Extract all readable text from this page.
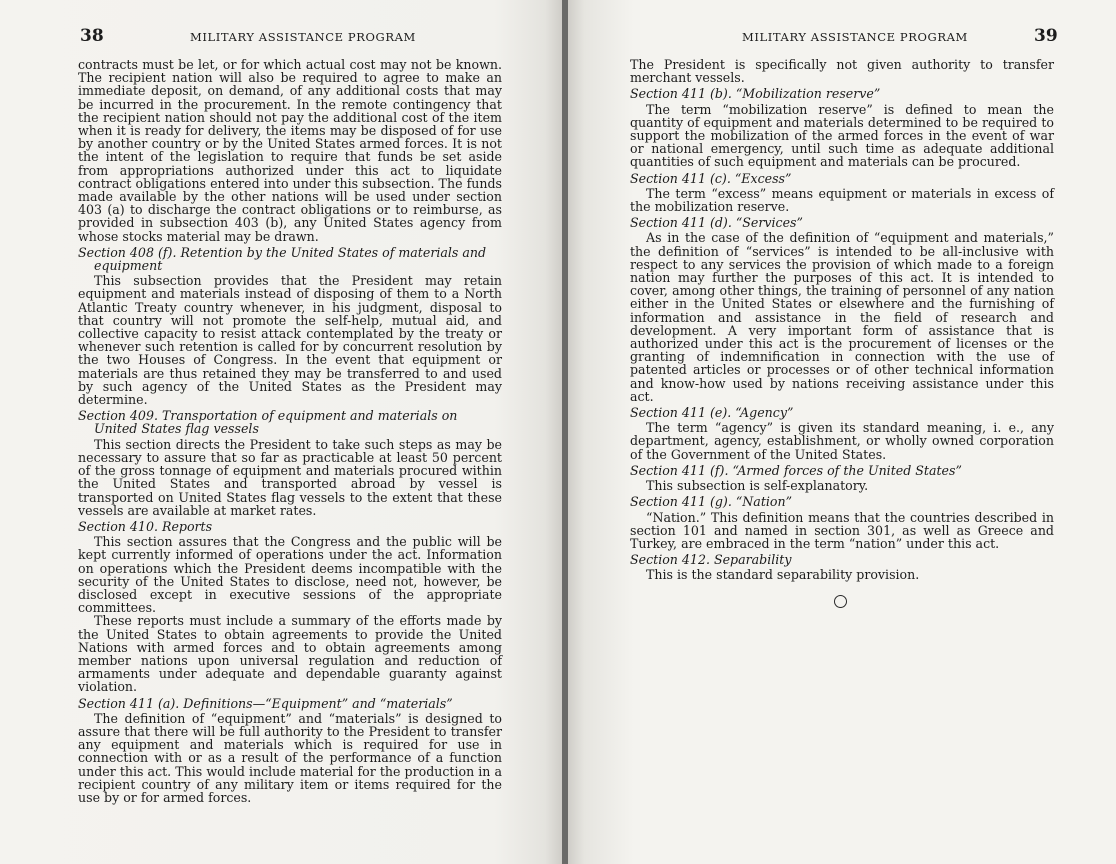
38	MILITARY ASSISTANCE PROGRAM

contracts must be let, or for which actual cost may not be known. The recipient nation will also be required to agree to make an immediate deposit, on demand, of any additional costs that may be incurred in the procurement. In the remote contingency that the recipient nation should not pay the additional cost of the item when it is ready for delivery, the items may be disposed of for use by another country or by the United States armed forces. It is not the intent of the legislation to require that funds be set aside from appropriations authorized under this act to liquidate contract obligations entered into under this subsection. The funds made available by the other nations will be used under section 403 (a) to discharge the contract obligations or to reimburse, as provided in subsection 403 (b), any United States agency from whose stocks material may be drawn.

Section 408 (f). Retention by the United States of materials and equipment

This subsection provides that the President may retain equipment and materials instead of disposing of them to a North Atlantic Treaty country whenever, in his judgment, disposal to that country will not promote the self-help, mutual aid, and collective capacity to resist attack contemplated by the treaty or whenever such retention is called for by concurrent resolution by the two Houses of Congress. In the event that equipment or materials are thus retained they may be transferred to and used by such agency of the United States as the President may determine.

Section 409. Transportation of equipment and materials on United States flag vessels

This section directs the President to take such steps as may be necessary to assure that so far as practicable at least 50 percent of the gross tonnage of equipment and materials procured within the United States and transported abroad by vessel is transported on United States flag vessels to the extent that these vessels are available at market rates.

Section 410. Reports

This section assures that the Congress and the public will be kept currently informed of operations under the act. Information on operations which the President deems incompatible with the security of the United States to disclose, need not, however, be disclosed except in executive sessions of the appropriate committees.

These reports must include a summary of the efforts made by the United States to obtain agreements to provide the United Nations with armed forces and to obtain agreements among member nations upon universal regulation and reduction of armaments under adequate and dependable guaranty against violation.

Section 411 (a). Definitions—“Equipment” and “materials”

The definition of “equipment” and “materials” is designed to assure that there will be full authority to the President to transfer any equipment and materials which is required for use in connection with or as a result of the performance of a function under this act. This would include material for the production in a recipient country of any military item or items required for the use by or for armed forces.

MILITARY ASSISTANCE PROGRAM	39

The President is specifically not given authority to transfer merchant vessels.

Section 411 (b). “Mobilization reserve”

The term “mobilization reserve” is defined to mean the quantity of equipment and materials determined to be required to support the mobilization of the armed forces in the event of war or national emergency, until such time as adequate additional quantities of such equipment and materials can be procured.

Section 411 (c). “Excess”

The term “excess” means equipment or materials in excess of the mobilization reserve.

Section 411 (d). “Services”

As in the case of the definition of “equipment and materials,” the definition of “services” is intended to be all-inclusive with respect to any services the provision of which made to a foreign nation may further the purposes of this act. It is intended to cover, among other things, the training of personnel of any nation either in the United States or elsewhere and the furnishing of information and assistance in the field of research and development. A very important form of assistance that is authorized under this act is the procurement of licenses or the granting of indemnification in connection with the use of patented articles or processes or of other technical information and know-how used by nations receiving assistance under this act.

Section 411 (e). “Agency”

The term “agency” is given its standard meaning, i. e., any department, agency, establishment, or wholly owned corporation of the Government of the United States.

Section 411 (f). “Armed forces of the United States”

This subsection is self-explanatory.

Section 411 (g). “Nation”

“Nation.” This definition means that the countries described in section 101 and named in section 301, as well as Greece and Turkey, are embraced in the term “nation” under this act.

Section 412. Separability

This is the standard separability provision.
